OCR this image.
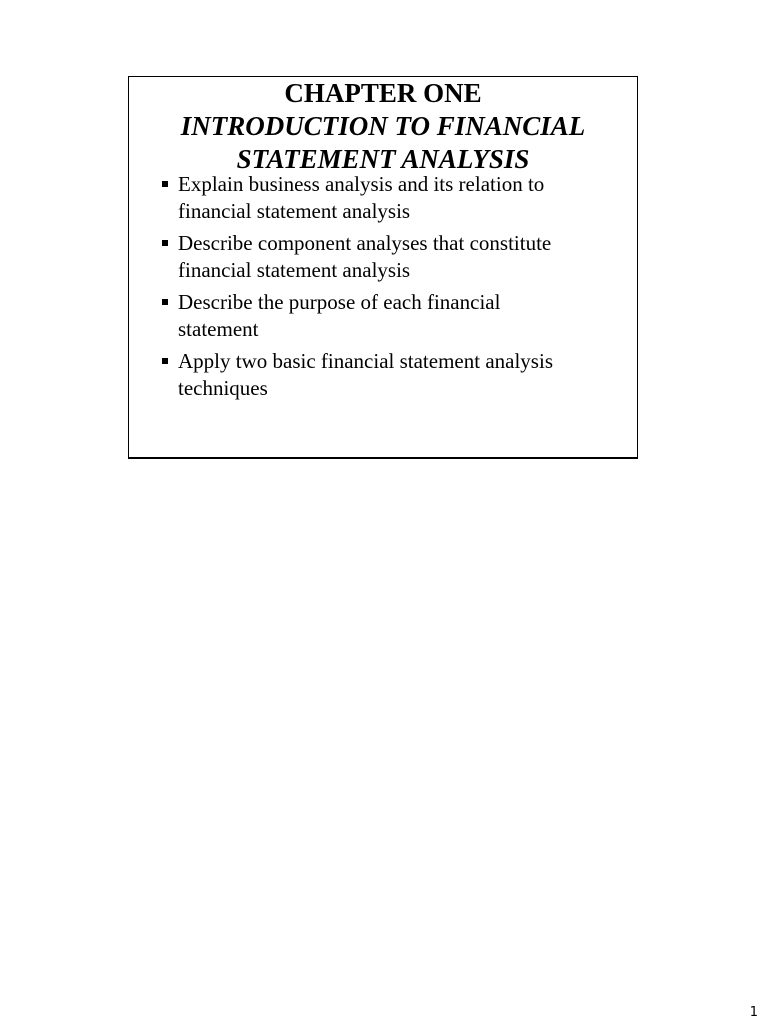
CHAPTER ONE
INTRODUCTION TO FINANCIAL
STATEMENT ANALYSIS
Explain business analysis and its relation to
financial statement analysis
Describe component analyses that constitute
financial statement analysis
Describe the purpose of each financial
statement
Apply two basic financial statement analysis
techniques
1
